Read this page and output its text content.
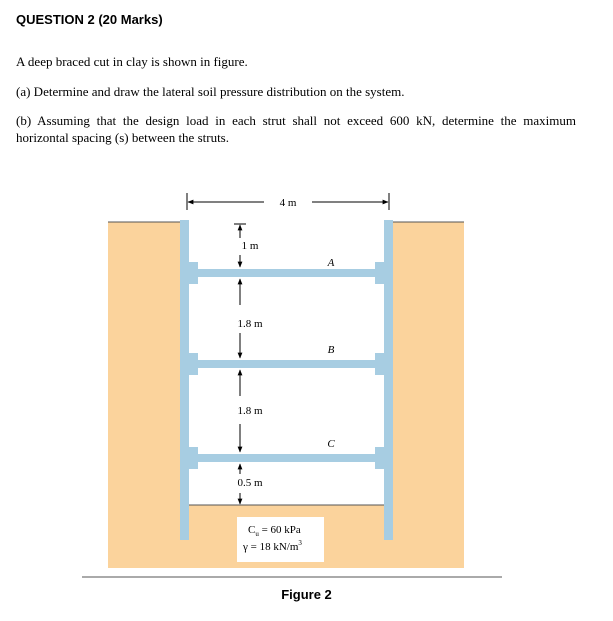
QUESTION 2 (20 Marks)
A deep braced cut in clay is shown in figure.
(a) Determine and draw the lateral soil pressure distribution on the system.
(b) Assuming that the design load in each strut shall not exceed 600 kN, determine the maximum horizontal spacing (s) between the struts.
4 m
1 m
1.8 m
1.8 m
0.5 m
A
B
C
$C_u = 60$ kPa
γ = 18 $kN/m^3$
Figure 2
